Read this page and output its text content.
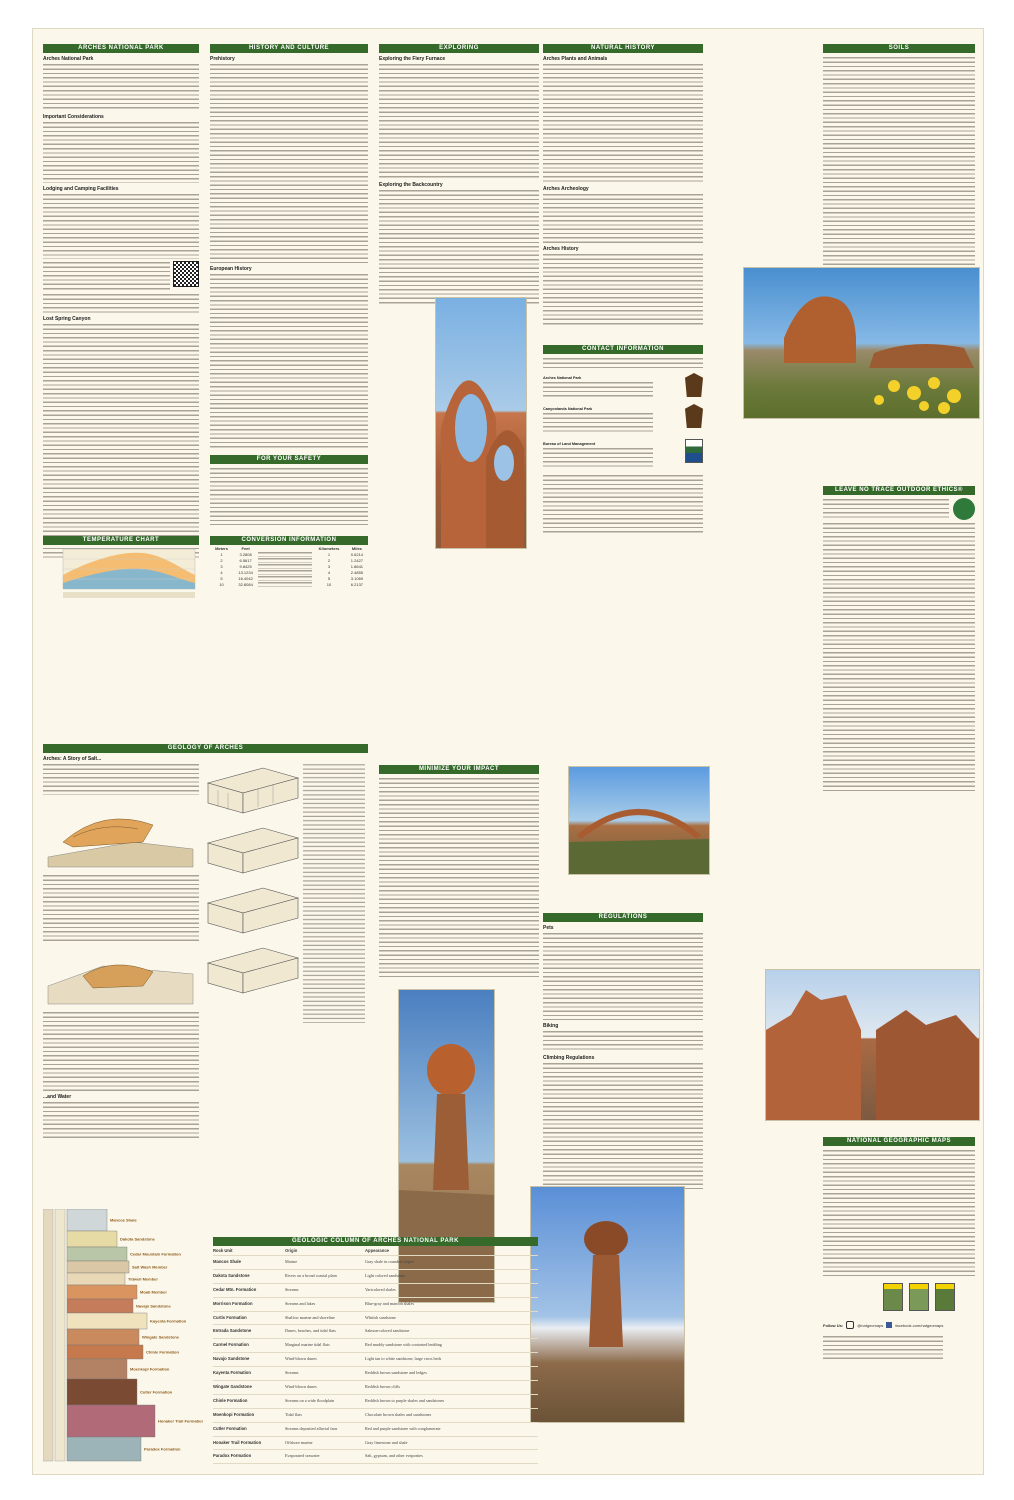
ARCHES NATIONAL PARK
Arches National Park
Important Considerations
Lodging and Camping Facilities
Lost Spring Canyon
HISTORY AND CULTURE
Prehistory
European History
FOR YOUR SAFETY
CONVERSION INFORMATION
Meters	Feet		Kilometers	Miles
1	3.2808		1	0.6214
2	6.5617		2	1.2427
3	9.8425		3	1.8641
4	13.1234		4	2.4855
5	16.4042		5	3.1069
10	32.8084		10	6.2137
TEMPERATURE CHART
EXPLORING
Exploring the Fiery Furnace
Exploring the Backcountry
NATURAL HISTORY
Arches Plants and Animals
Arches Archeology
Arches History
CONTACT INFORMATION
Arches National Park
Canyonlands National Park
Bureau of Land Management
SOILS
LEAVE NO TRACE OUTDOOR ETHICS®
GEOLOGY OF ARCHES
Arches: A Story of Salt...
...and Water
MINIMIZE YOUR IMPACT
REGULATIONS
Pets
Biking
Climbing Regulations
NATIONAL GEOGRAPHIC MAPS
Follow Us:	@natgeomaps	facebook.com/natgeomaps
Mancos Shale
Dakota Sandstone
Cedar Mountain Formation
Salt Wash Member
Tidwell Member
Moab Member
Navajo Sandstone
Kayenta Formation
Wingate Sandstone
Chinle Formation
Moenkopi Formation
Cutler Formation
Honaker Trail Formation
Paradox Formation
GEOLOGIC COLUMN OF ARCHES NATIONAL PARK
Rock Unit	Origin	Appearance
Mancos Shale	Marine	Gray shale in rounded slopes
Dakota Sandstone	Rivers on a broad coastal plain	Light colored sandstone
Cedar Mtn. Formation	Streams	Varicolored shales
Morrison Formation	Streams and lakes	Blue-gray and maroon shales
Curtis Formation	Shallow marine and shoreline	Whitish sandstone
Entrada Sandstone	Dunes, beaches, and tidal flats	Salmon-colored sandstone
Carmel Formation	Marginal marine tidal flats	Red muddy sandstone with contorted bedding
Navajo Sandstone	Wind-blown dunes	Light tan to white sandstone, large cross beds
Kayenta Formation	Streams	Reddish brown sandstone and ledges
Wingate Sandstone	Wind-blown dunes	Reddish brown cliffs
Chinle Formation	Streams on a wide floodplain	Reddish brown to purple shales and sandstones
Moenkopi Formation	Tidal flats	Chocolate brown shales and sandstones
Cutler Formation	Streams deposited alluvial fans	Red and purple sandstone with conglomerate
Honaker Trail Formation	Offshore marine	Gray limestone and shale
Paradox Formation	Evaporated seawater	Salt, gypsum, and other evaporites
